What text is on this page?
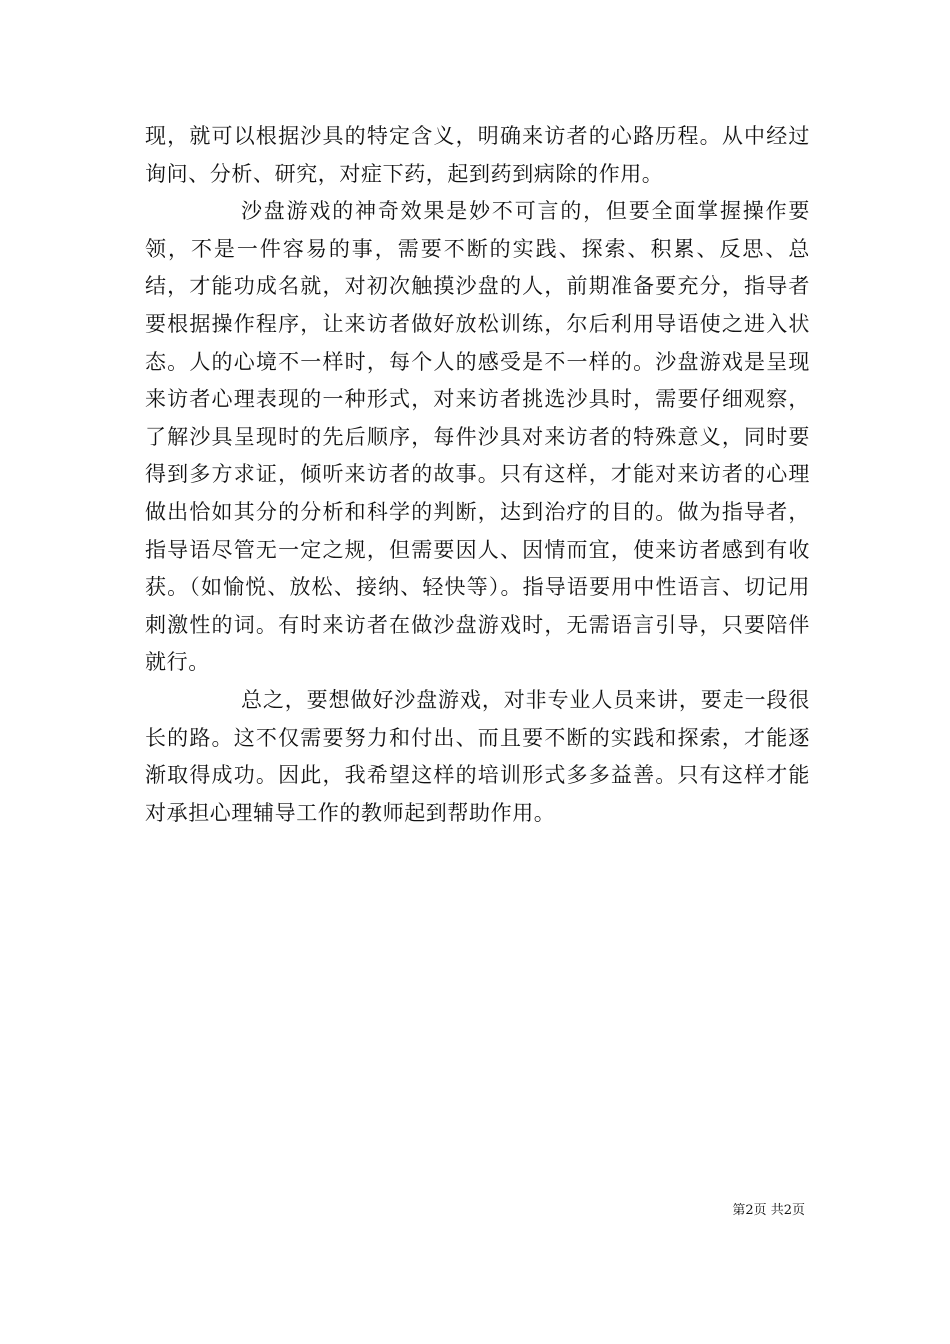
现，就可以根据沙具的特定含义，明确来访者的心路历程。从中经过询问、分析、研究，对症下药，起到药到病除的作用。

沙盘游戏的神奇效果是妙不可言的，但要全面掌握操作要领，不是一件容易的事，需要不断的实践、探索、积累、反思、总结，才能功成名就，对初次触摸沙盘的人，前期准备要充分，指导者要根据操作程序，让来访者做好放松训练，尔后利用导语使之进入状态。人的心境不一样时，每个人的感受是不一样的。沙盘游戏是呈现来访者心理表现的一种形式，对来访者挑选沙具时，需要仔细观察，了解沙具呈现时的先后顺序，每件沙具对来访者的特殊意义，同时要得到多方求证，倾听来访者的故事。只有这样，才能对来访者的心理做出恰如其分的分析和科学的判断，达到治疗的目的。做为指导者，指导语尽管无一定之规，但需要因人、因情而宜，使来访者感到有收获。（如愉悦、放松、接纳、轻快等）。指导语要用中性语言、切记用刺激性的词。有时来访者在做沙盘游戏时，无需语言引导，只要陪伴就行。

总之，要想做好沙盘游戏，对非专业人员来讲，要走一段很长的路。这不仅需要努力和付出、而且要不断的实践和探索，才能逐渐取得成功。因此，我希望这样的培训形式多多益善。只有这样才能对承担心理辅导工作的教师起到帮助作用。

第2页 共2页
